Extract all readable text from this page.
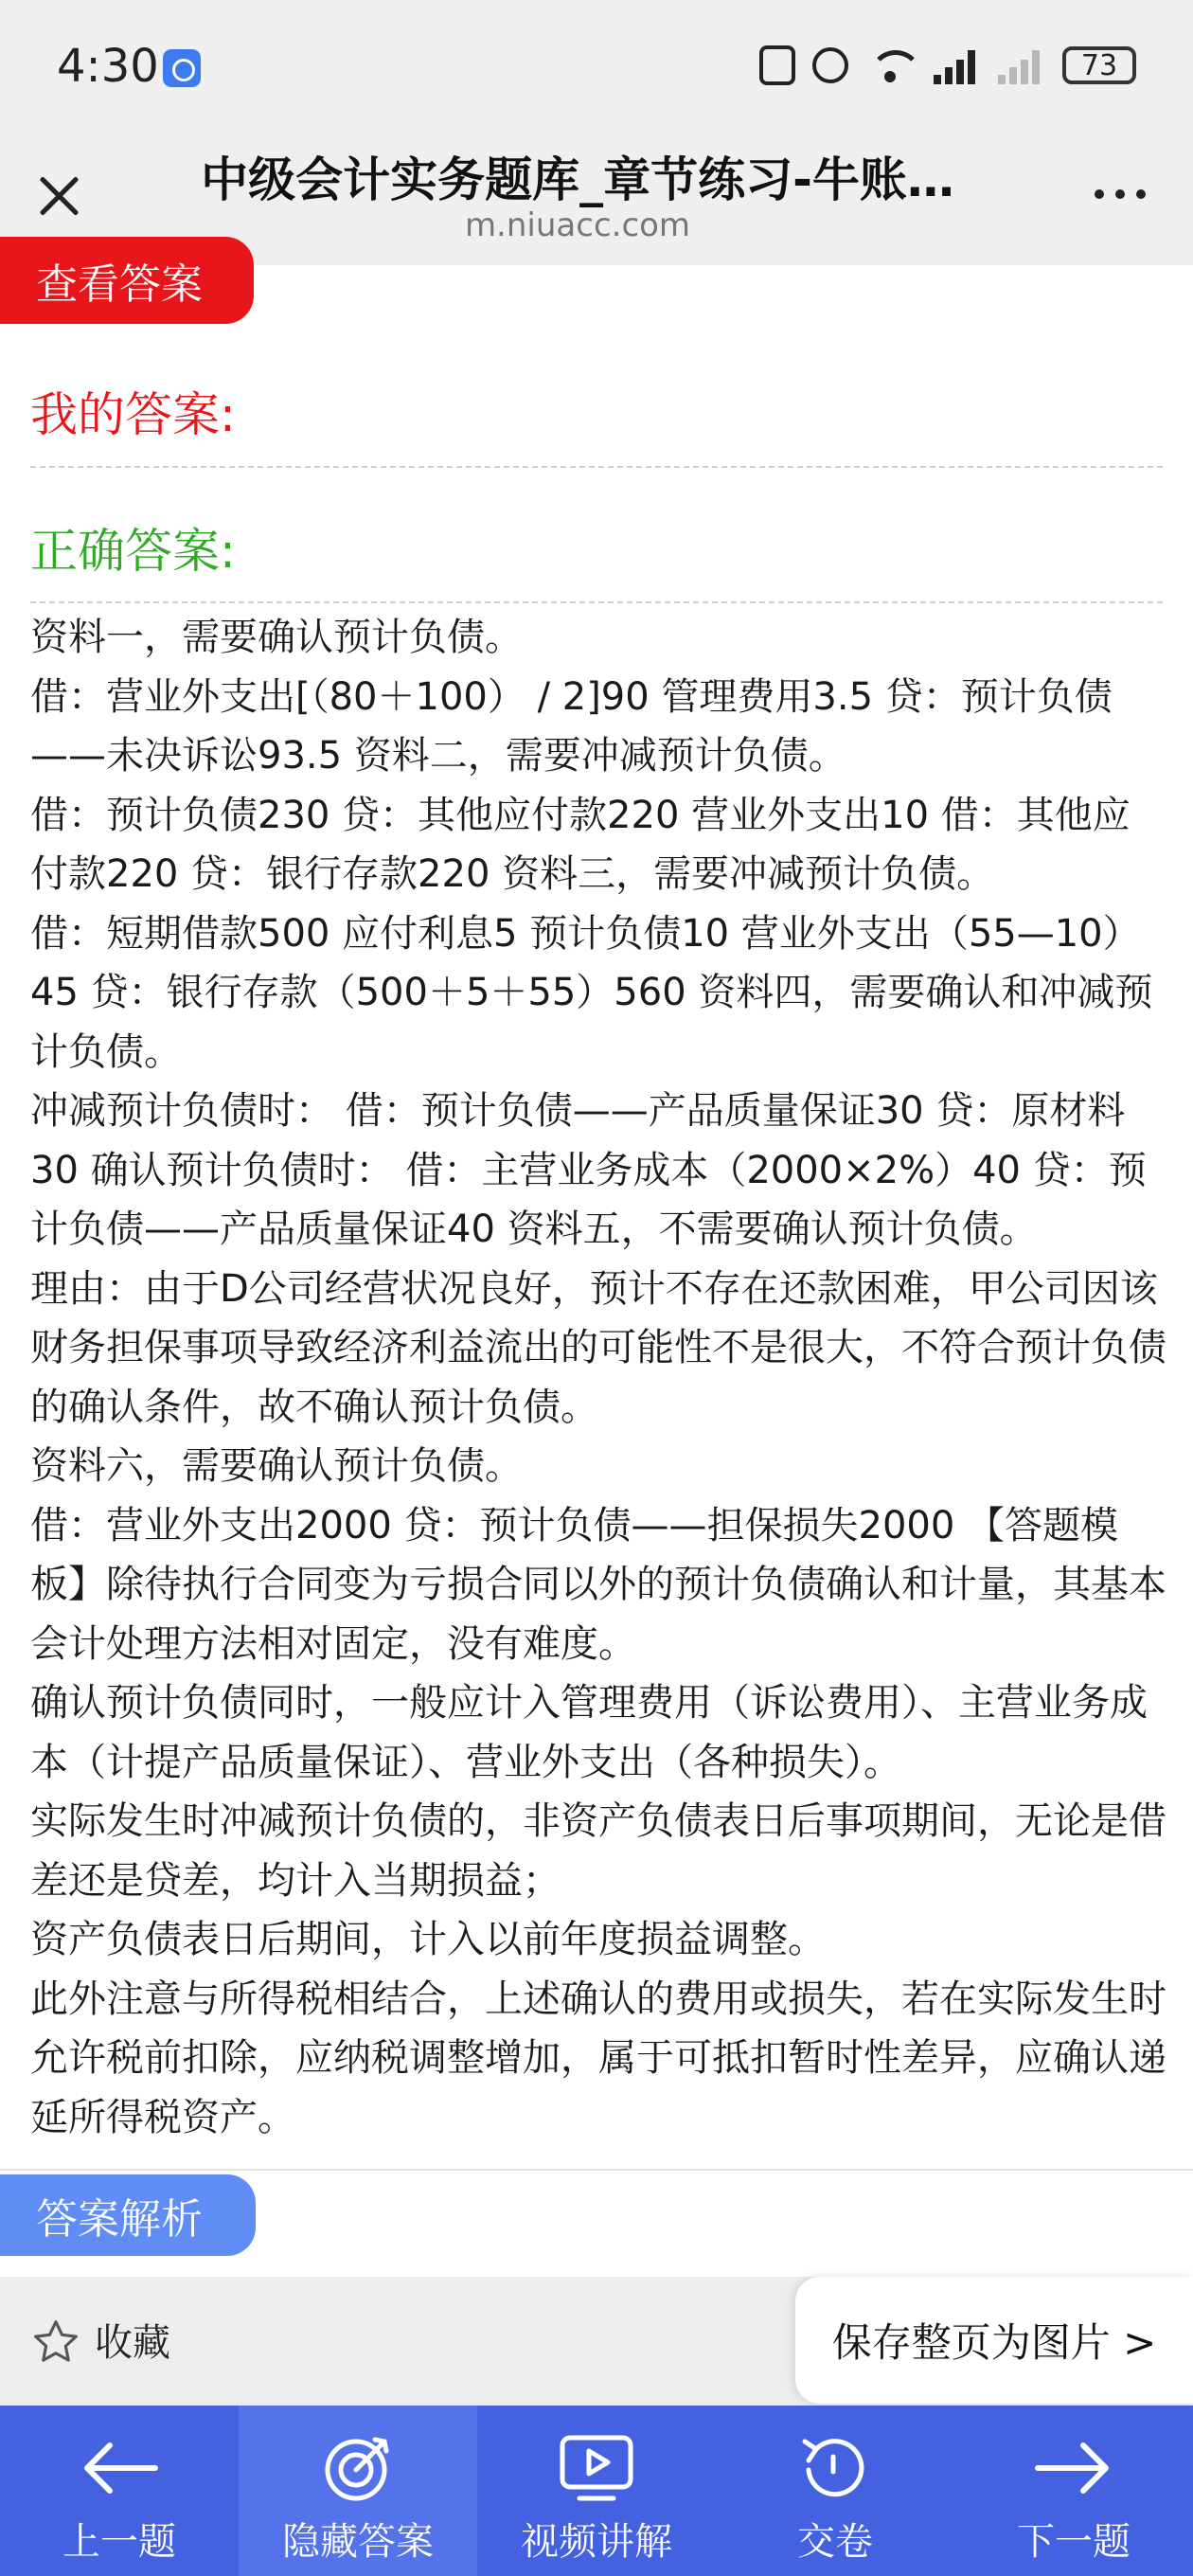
4:30	73
中级会计实务题库_章节练习-牛账…
m.niuacc.com
查看答案
我的答案:
正确答案:

资料一，需要确认预计负债。

借：营业外支出[（80＋100） / 2]90 管理费用3.5 贷：预计负债——未决诉讼93.5 资料二，需要冲减预计负债。

借：预计负债230 贷：其他应付款220 营业外支出10 借：其他应付款220 贷：银行存款220 资料三，需要冲减预计负债。

借：短期借款500 应付利息5 预计负债10 营业外支出（55—10）45 贷：银行存款（500＋5＋55）560 资料四，需要确认和冲减预计负债。

冲减预计负债时： 借：预计负债——产品质量保证30 贷：原材料30 确认预计负债时： 借：主营业务成本（2000×2%）40 贷：预计负债——产品质量保证40 资料五，不需要确认预计负债。

理由：由于D公司经营状况良好，预计不存在还款困难，甲公司因该财务担保事项导致经济利益流出的可能性不是很大，不符合预计负债的确认条件，故不确认预计负债。

资料六，需要确认预计负债。

借：营业外支出2000 贷：预计负债——担保损失2000 【答题模板】除待执行合同变为亏损合同以外的预计负债确认和计量，其基本会计处理方法相对固定，没有难度。

确认预计负债同时，一般应计入管理费用（诉讼费用）、主营业务成本（计提产品质量保证）、营业外支出（各种损失）。

实际发生时冲减预计负债的，非资产负债表日后事项期间，无论是借差还是贷差，均计入当期损益；

资产负债表日后期间，计入以前年度损益调整。

此外注意与所得税相结合，上述确认的费用或损失，若在实际发生时允许税前扣除，应纳税调整增加，属于可抵扣暂时性差异，应确认递延所得税资产。

答案解析
收藏	保存整页为图片 >
上一题	隐藏答案	视频讲解	交卷	下一题
